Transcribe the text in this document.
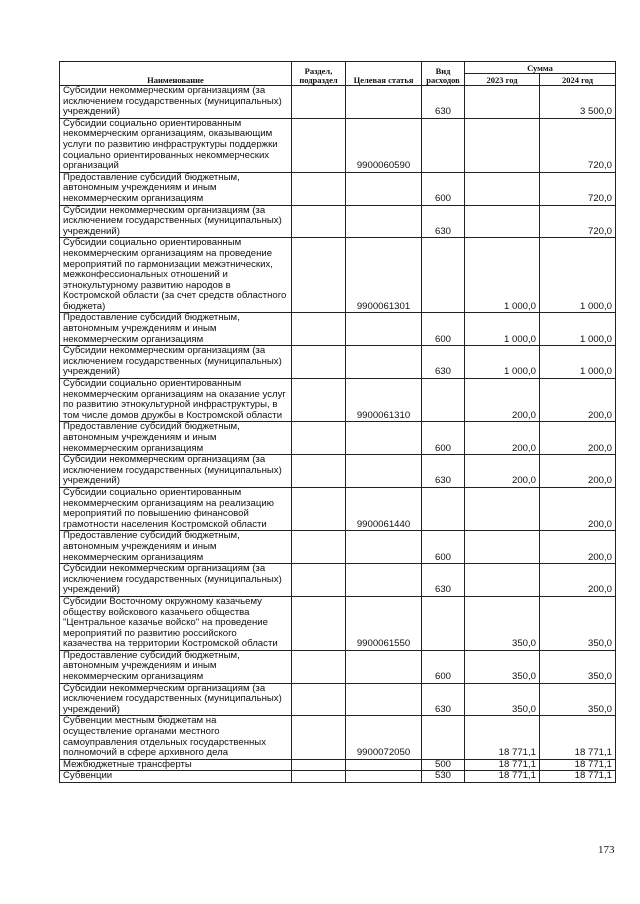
Наименование	Раздел, подраздел	Целевая статья	Вид расходов	Сумма	
				2023 год	2024 год
Субсидии некоммерческим организациям (за исключением государственных (муниципальных) учреждений)			630		3 500,0
Субсидии социально ориентированным некоммерческим организациям, оказывающим услуги по развитию инфраструктуры поддержки социально ориентированных некоммерческих организаций		9900060590			720,0
Предоставление субсидий бюджетным, автономным учреждениям и иным некоммерческим организациям			600		720,0
Субсидии некоммерческим организациям (за исключением государственных (муниципальных) учреждений)			630		720,0
Субсидии социально ориентированным некоммерческим организациям на проведение мероприятий по гармонизации межэтнических, межконфессиональных отношений и этнокультурному развитию народов в Костромской области (за счет средств областного бюджета)		9900061301		1 000,0	1 000,0
Предоставление субсидий бюджетным, автономным учреждениям и иным некоммерческим организациям			600	1 000,0	1 000,0
Субсидии некоммерческим организациям (за исключением государственных (муниципальных) учреждений)			630	1 000,0	1 000,0
Субсидии социально ориентированным некоммерческим организациям на оказание услуг по развитию этнокультурной инфраструктуры, в том числе домов дружбы в Костромской области		9900061310		200,0	200,0
Предоставление субсидий бюджетным, автономным учреждениям и иным некоммерческим организациям			600	200,0	200,0
Субсидии некоммерческим организациям (за исключением государственных (муниципальных) учреждений)			630	200,0	200,0
Субсидии социально ориентированным некоммерческим организациям на реализацию мероприятий по повышению финансовой грамотности населения Костромской области		9900061440			200,0
Предоставление субсидий бюджетным, автономным учреждениям и иным некоммерческим организациям			600		200,0
Субсидии некоммерческим организациям (за исключением государственных (муниципальных) учреждений)			630		200,0
Субсидии Восточному окружному казачьему обществу войскового казачьего общества "Центральное казачье войско" на проведение мероприятий по развитию российского казачества на территории Костромской области		9900061550		350,0	350,0
Предоставление субсидий бюджетным, автономным учреждениям и иным некоммерческим организациям			600	350,0	350,0
Субсидии некоммерческим организациям (за исключением государственных (муниципальных) учреждений)			630	350,0	350,0
Субвенции местным бюджетам на осуществление органами местного самоуправления отдельных государственных полномочий в сфере архивного дела		9900072050		18 771,1	18 771,1
Межбюджетные трансферты			500	18 771,1	18 771,1
Субвенции			530	18 771,1	18 771,1
173
